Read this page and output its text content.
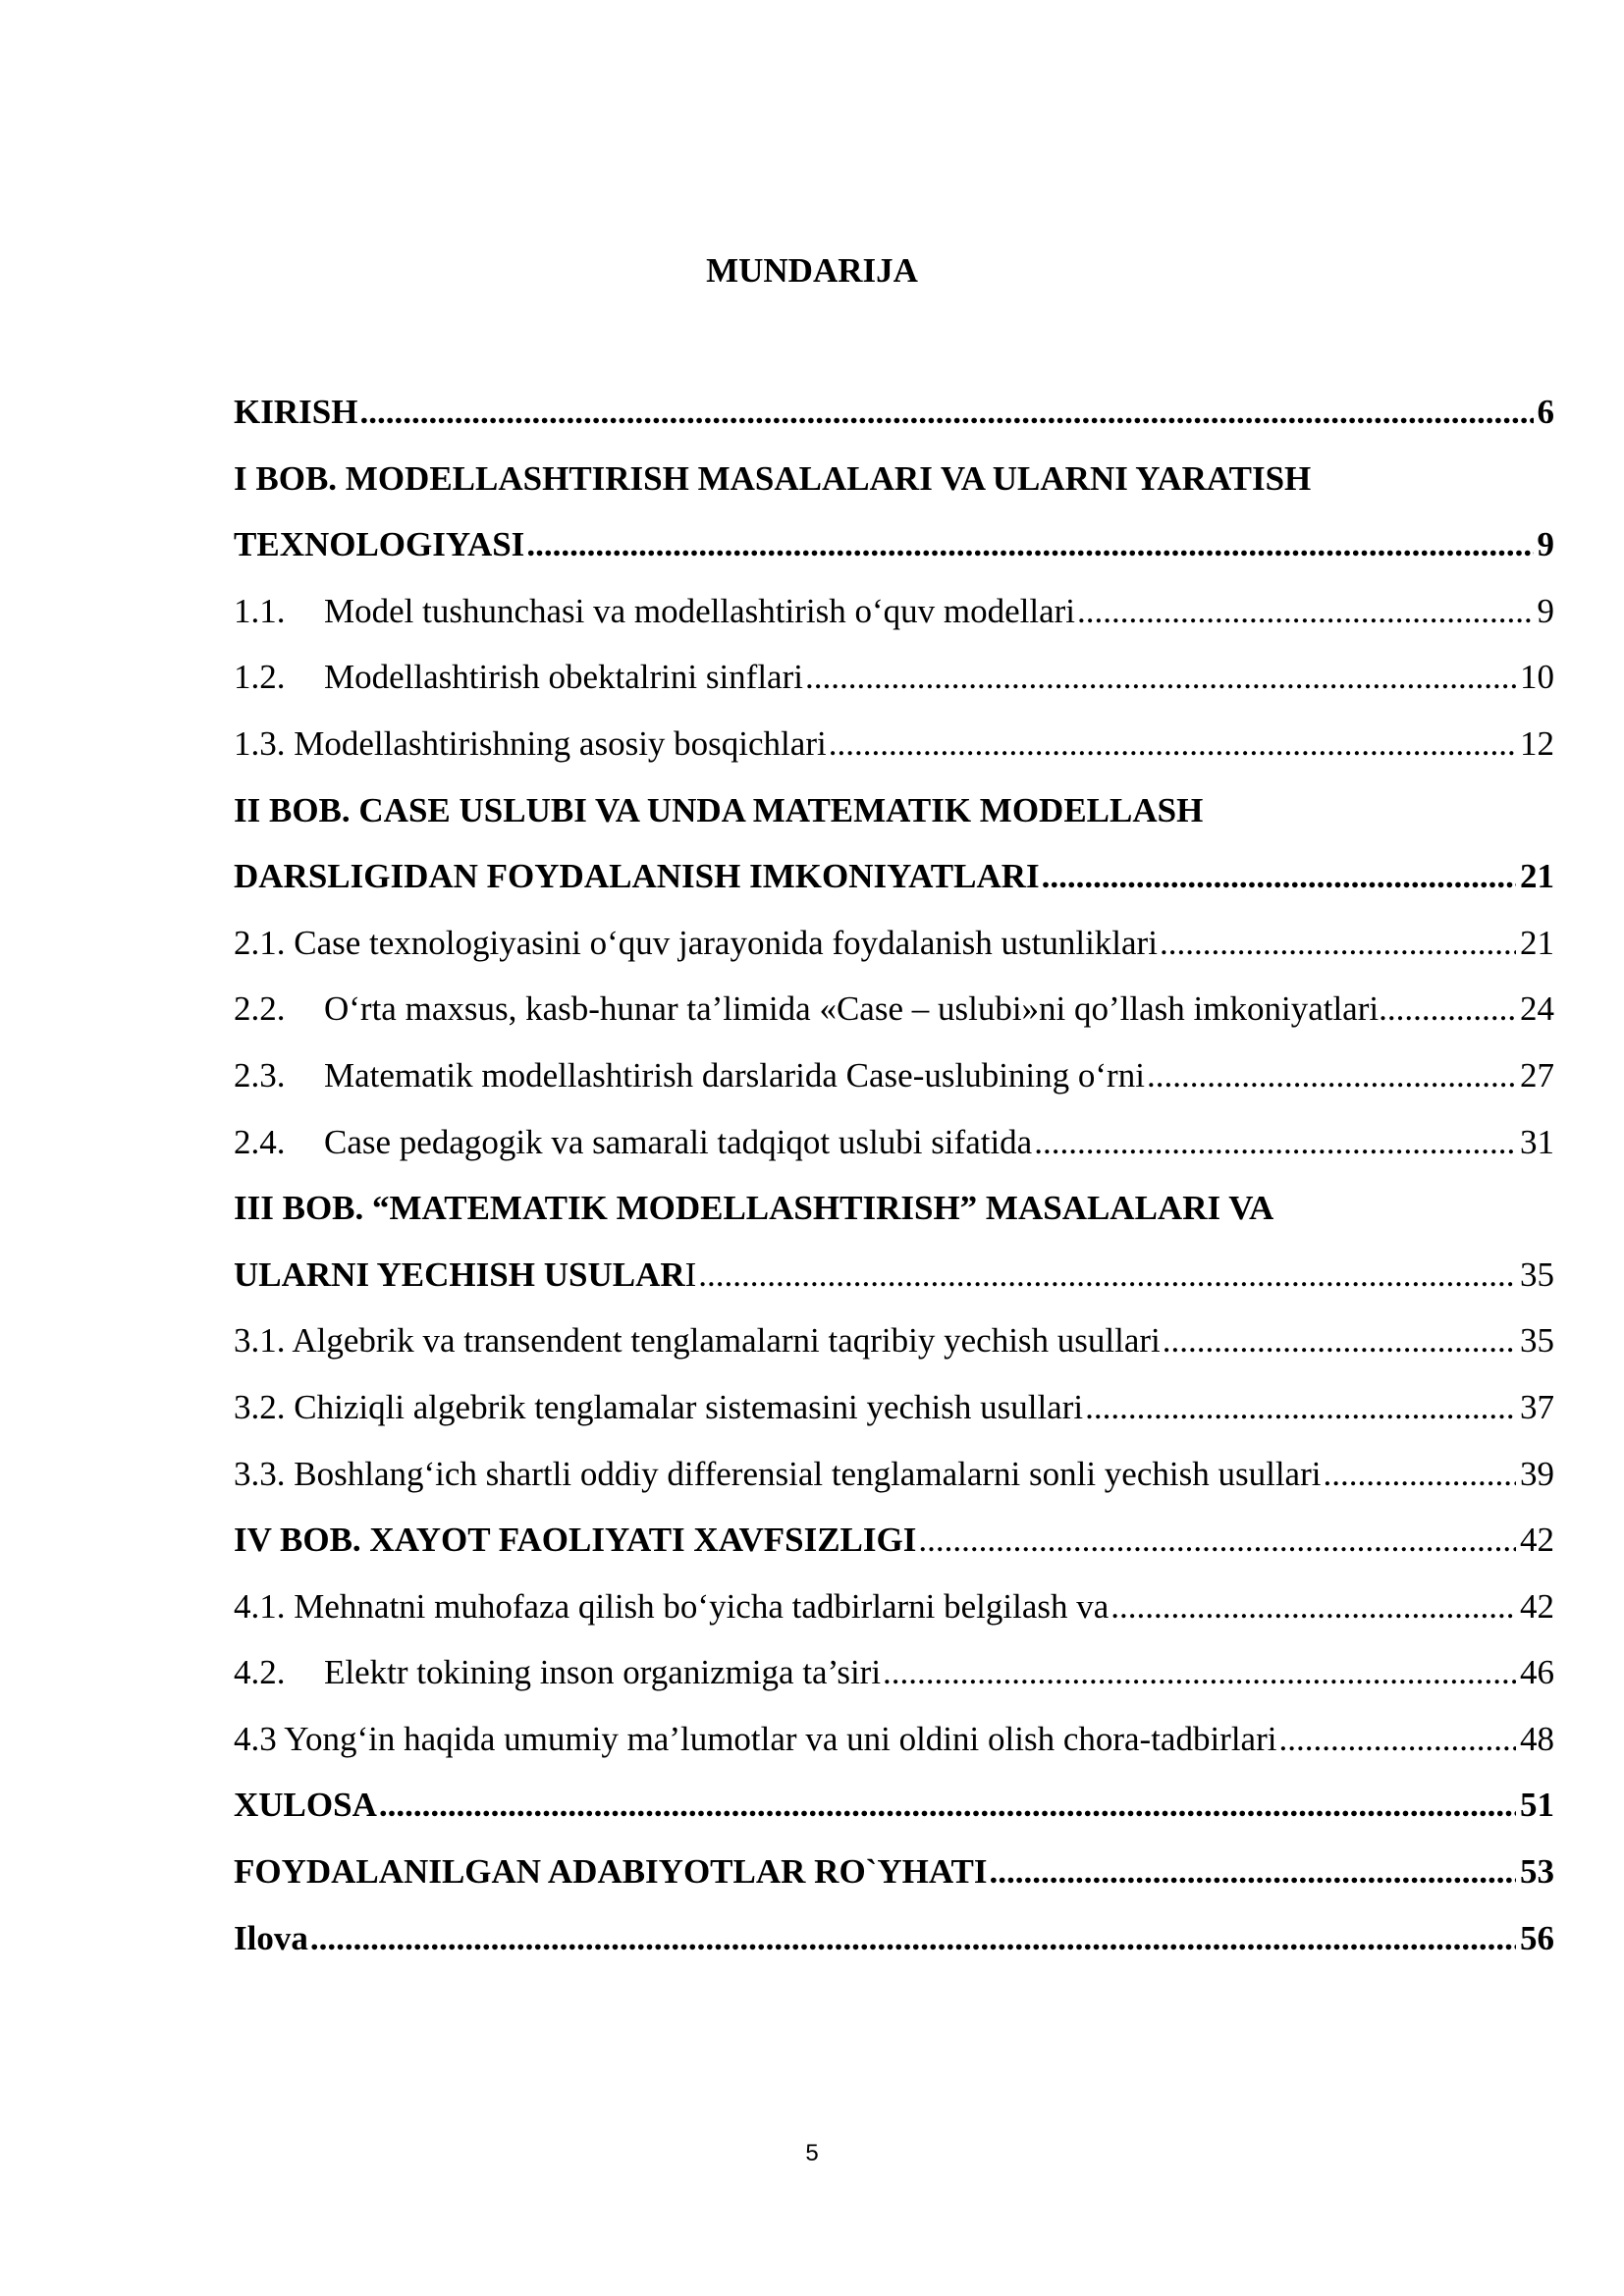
MUNDARIJA
KIRISH .....	6
I BOB. MODELLASHTIRISH MASALALARI VA ULARNI YARATISH
TEXNOLOGIYASI .....	9
1.1. Model tushunchasi va modellashtirish o‘quv modellari .....	9
1.2. Modellashtirish obektalrini sinflari .....	10
1.3. Modellashtirishning asosiy bosqichlari .....	12
II BOB. CASE USLUBI VA UNDA MATEMATIK MODELLASH
DARSLIGIDAN FOYDALANISH IMKONIYATLARI .....	21
2.1. Case texnologiyasini o‘quv jarayonida foydalanish ustunliklari .....	21
2.2. O‘rta maxsus, kasb-hunar ta’limida «Case – uslubi»ni qo’llash imkoniyatlari .....	24
2.3. Matematik modellashtirish darslarida Case-uslubining o‘rni .....	27
2.4. Case pedagogik va samarali tadqiqot uslubi sifatida .....	31
III BOB. “MATEMATIK MODELLASHTIRISH” MASALALARI VA
ULARNI YECHISH USULARI .....	35
3.1. Algebrik va transendent tenglamalarni taqribiy yechish usullari .....	35
3.2. Chiziqli algebrik tenglamalar sistemasini yechish usullari .....	37
3.3. Boshlang‘ich shartli oddiy differensial tenglamalarni sonli yechish usullari .....	39
IV BOB. XAYOT FAOLIYATI XAVFSIZLIGI .....	42
4.1. Mehnatni muhofaza qilish bo‘yicha tadbirlarni belgilash va .....	42
4.2. Elektr tokining inson organizmiga ta’siri .....	46
4.3 Yong‘in haqida umumiy ma’lumotlar va uni oldini olish chora-tadbirlari .....	48
XULOSA .....	51
FOYDALANILGAN ADABIYOTLAR RO`YHATI .....	53
Ilova .....	56
5
